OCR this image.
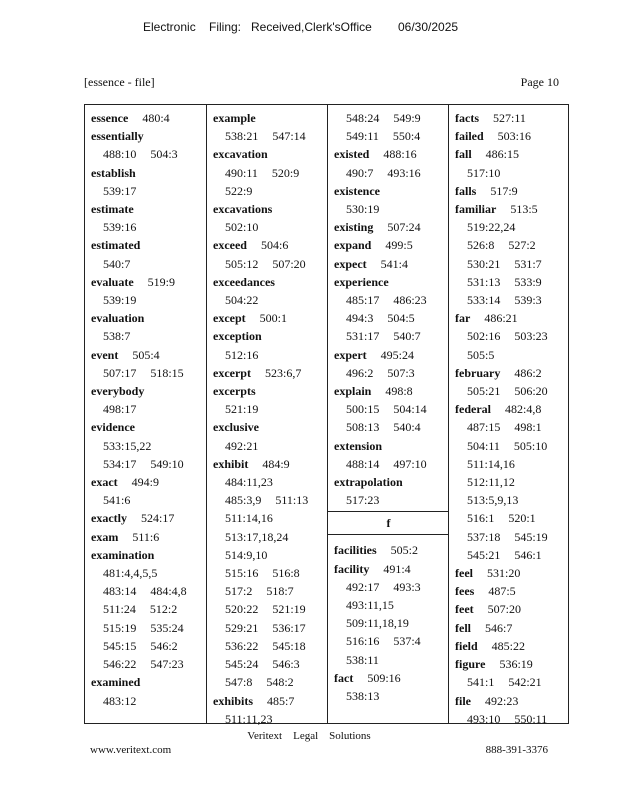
Electronic Filing: Received,Clerk'sOffice 06/30/2025
[essence - file]	Page 10
essence 480:4
essentially
488:10 504:3
establish
539:17
estimate
539:16
estimated
540:7
evaluate 519:9
539:19
evaluation
538:7
event 505:4
507:17 518:15
everybody
498:17
evidence
533:15,22
534:17 549:10
exact 494:9
541:6
exactly 524:17
exam 511:6
examination
481:4,4,5,5
483:14 484:4,8
511:24 512:2
515:19 535:24
545:15 546:2
546:22 547:23
examined
483:12
example
538:21 547:14
excavation
490:11 520:9
522:9
excavations
502:10
exceed 504:6
505:12 507:20
exceedances
504:22
except 500:1
exception
512:16
excerpt 523:6,7
excerpts
521:19
exclusive
492:21
exhibit 484:9
484:11,23
485:3,9 511:13
511:14,16
513:17,18,24
514:9,10
515:16 516:8
517:2 518:7
520:22 521:19
529:21 536:17
536:22 545:18
545:24 546:3
547:8 548:2
exhibits 485:7
511:11,23
548:24 549:9
549:11 550:4
existed 488:16
490:7 493:16
existence
530:19
existing 507:24
expand 499:5
expect 541:4
experience
485:17 486:23
494:3 504:5
531:17 540:7
expert 495:24
496:2 507:3
explain 498:8
500:15 504:14
508:13 540:4
extension
488:14 497:10
extrapolation
517:23
f
facilities 505:2
facility 491:4
492:17 493:3
493:11,15
509:11,18,19
516:16 537:4
538:11
fact 509:16
538:13
facts 527:11
failed 503:16
fall 486:15
517:10
falls 517:9
familiar 513:5
519:22,24
526:8 527:2
530:21 531:7
531:13 533:9
533:14 539:3
far 486:21
502:16 503:23
505:5
february 486:2
505:21 506:20
federal 482:4,8
487:15 498:1
504:11 505:10
511:14,16
512:11,12
513:5,9,13
516:1 520:1
537:18 545:19
545:21 546:1
feel 531:20
fees 487:5
feet 507:20
fell 546:7
field 485:22
figure 536:19
541:1 542:21
file 492:23
493:10 550:11
Veritext    Legal    Solutions
www.veritext.com	888-391-3376
